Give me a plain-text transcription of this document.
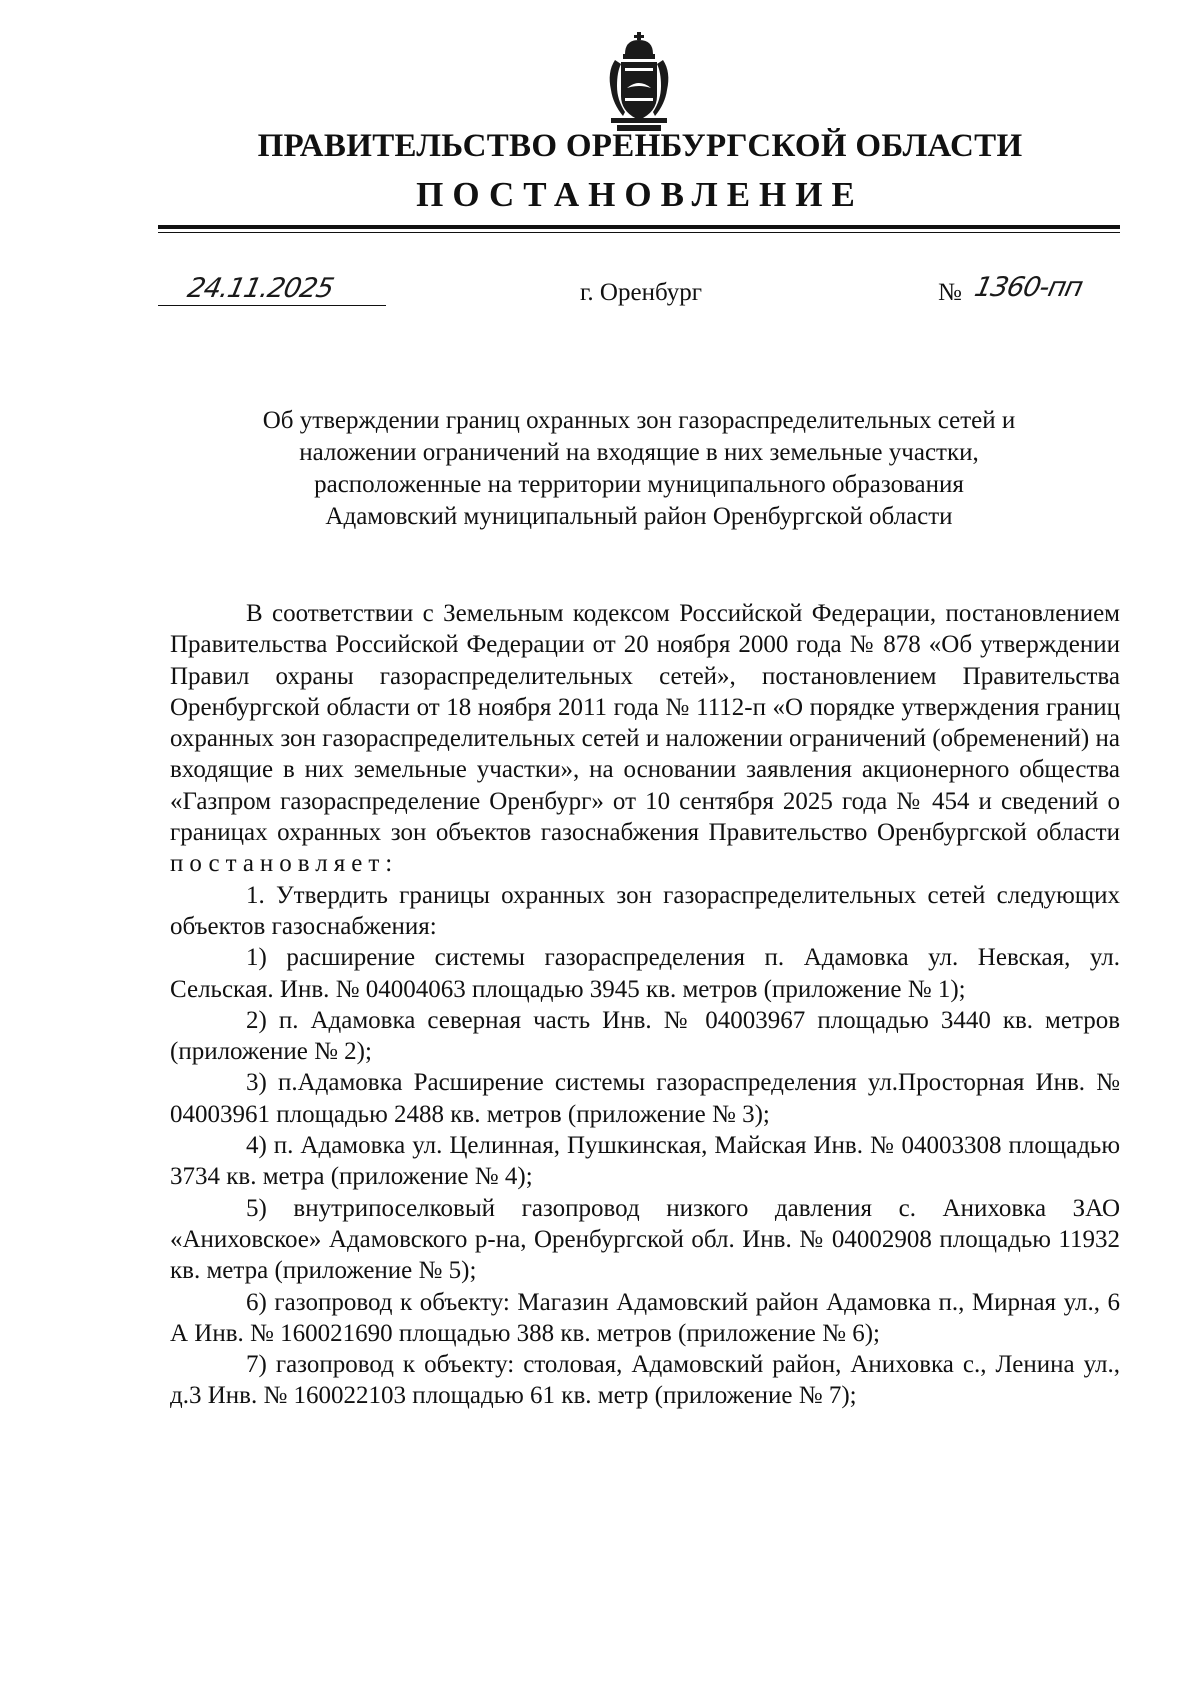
ПРАВИТЕЛЬСТВО ОРЕНБУРГСКОЙ ОБЛАСТИ
ПОСТАНОВЛЕНИЕ
24.11.2025	г. Оренбург	№ 1360-пп
Об утверждении границ охранных зон газораспределительных сетей и
наложении ограничений на входящие в них земельные участки,
расположенные на территории муниципального образования
Адамовский муниципальный район Оренбургской области

В соответствии с Земельным кодексом Российской Федерации, постановлением Правительства Российской Федерации от 20 ноября 2000 года № 878 «Об утверждении Правил охраны газораспределительных сетей», постановлением Правительства Оренбургской области от 18 ноября 2011 года № 1112-п «О порядке утверждения границ охранных зон газораспределительных сетей и наложении ограничений (обременений) на входящие в них земельные участки», на основании заявления акционерного общества «Газпром газораспределение Оренбург» от 10 сентября 2025 года № 454 и сведений о границах охранных зон объектов газоснабжения Правительство Оренбургской области постановляет:

1. Утвердить границы охранных зон газораспределительных сетей следующих объектов газоснабжения:

1) расширение системы газораспределения п. Адамовка ул. Невская, ул. Сельская. Инв. № 04004063 площадью 3945 кв. метров (приложение № 1);

2) п. Адамовка северная часть Инв. № 04003967 площадью 3440 кв. метров (приложение № 2);

3) п.Адамовка Расширение системы газораспределения ул.Просторная Инв. № 04003961 площадью 2488 кв. метров (приложение № 3);

4) п. Адамовка ул. Целинная, Пушкинская, Майская Инв. № 04003308 площадью 3734 кв. метра (приложение № 4);

5) внутрипоселковый газопровод низкого давления с. Аниховка ЗАО «Аниховское» Адамовского р-на, Оренбургской обл. Инв. № 04002908 площадью 11932 кв. метра (приложение № 5);

6) газопровод к объекту: Магазин Адамовский район Адамовка п., Мирная ул., 6 А Инв. № 160021690 площадью 388 кв. метров (приложение № 6);

7) газопровод к объекту: столовая, Адамовский район, Аниховка с., Ленина ул., д.3 Инв. № 160022103 площадью 61 кв. метр (приложение № 7);
